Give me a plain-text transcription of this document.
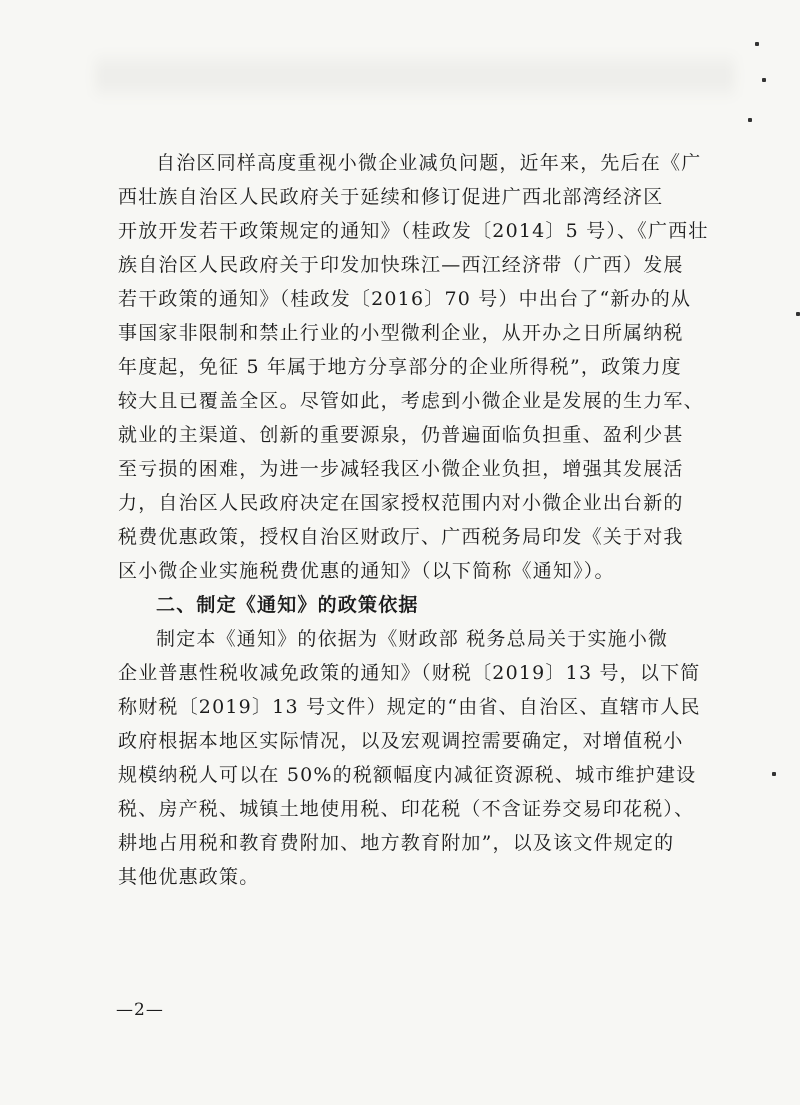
自治区同样高度重视小微企业减负问题，近年来，先后在《广
西壮族自治区人民政府关于延续和修订促进广西北部湾经济区
开放开发若干政策规定的通知》（桂政发〔2014〕5 号）、《广西壮
族自治区人民政府关于印发加快珠江—西江经济带（广西）发展
若干政策的通知》（桂政发〔2016〕70 号）中出台了“新办的从
事国家非限制和禁止行业的小型微利企业，从开办之日所属纳税
年度起，免征 5 年属于地方分享部分的企业所得税”，政策力度
较大且已覆盖全区。尽管如此，考虑到小微企业是发展的生力军、
就业的主渠道、创新的重要源泉，仍普遍面临负担重、盈利少甚
至亏损的困难，为进一步减轻我区小微企业负担，增强其发展活
力，自治区人民政府决定在国家授权范围内对小微企业出台新的
税费优惠政策，授权自治区财政厅、广西税务局印发《关于对我
区小微企业实施税费优惠的通知》（以下简称《通知》）。
二、制定《通知》的政策依据
制定本《通知》的依据为《财政部 税务总局关于实施小微
企业普惠性税收减免政策的通知》（财税〔2019〕13 号，以下简
称财税〔2019〕13 号文件）规定的“由省、自治区、直辖市人民
政府根据本地区实际情况，以及宏观调控需要确定，对增值税小
规模纳税人可以在 50%的税额幅度内减征资源税、城市维护建设
税、房产税、城镇土地使用税、印花税（不含证券交易印花税）、
耕地占用税和教育费附加、地方教育附加”，以及该文件规定的
其他优惠政策。
—2—
